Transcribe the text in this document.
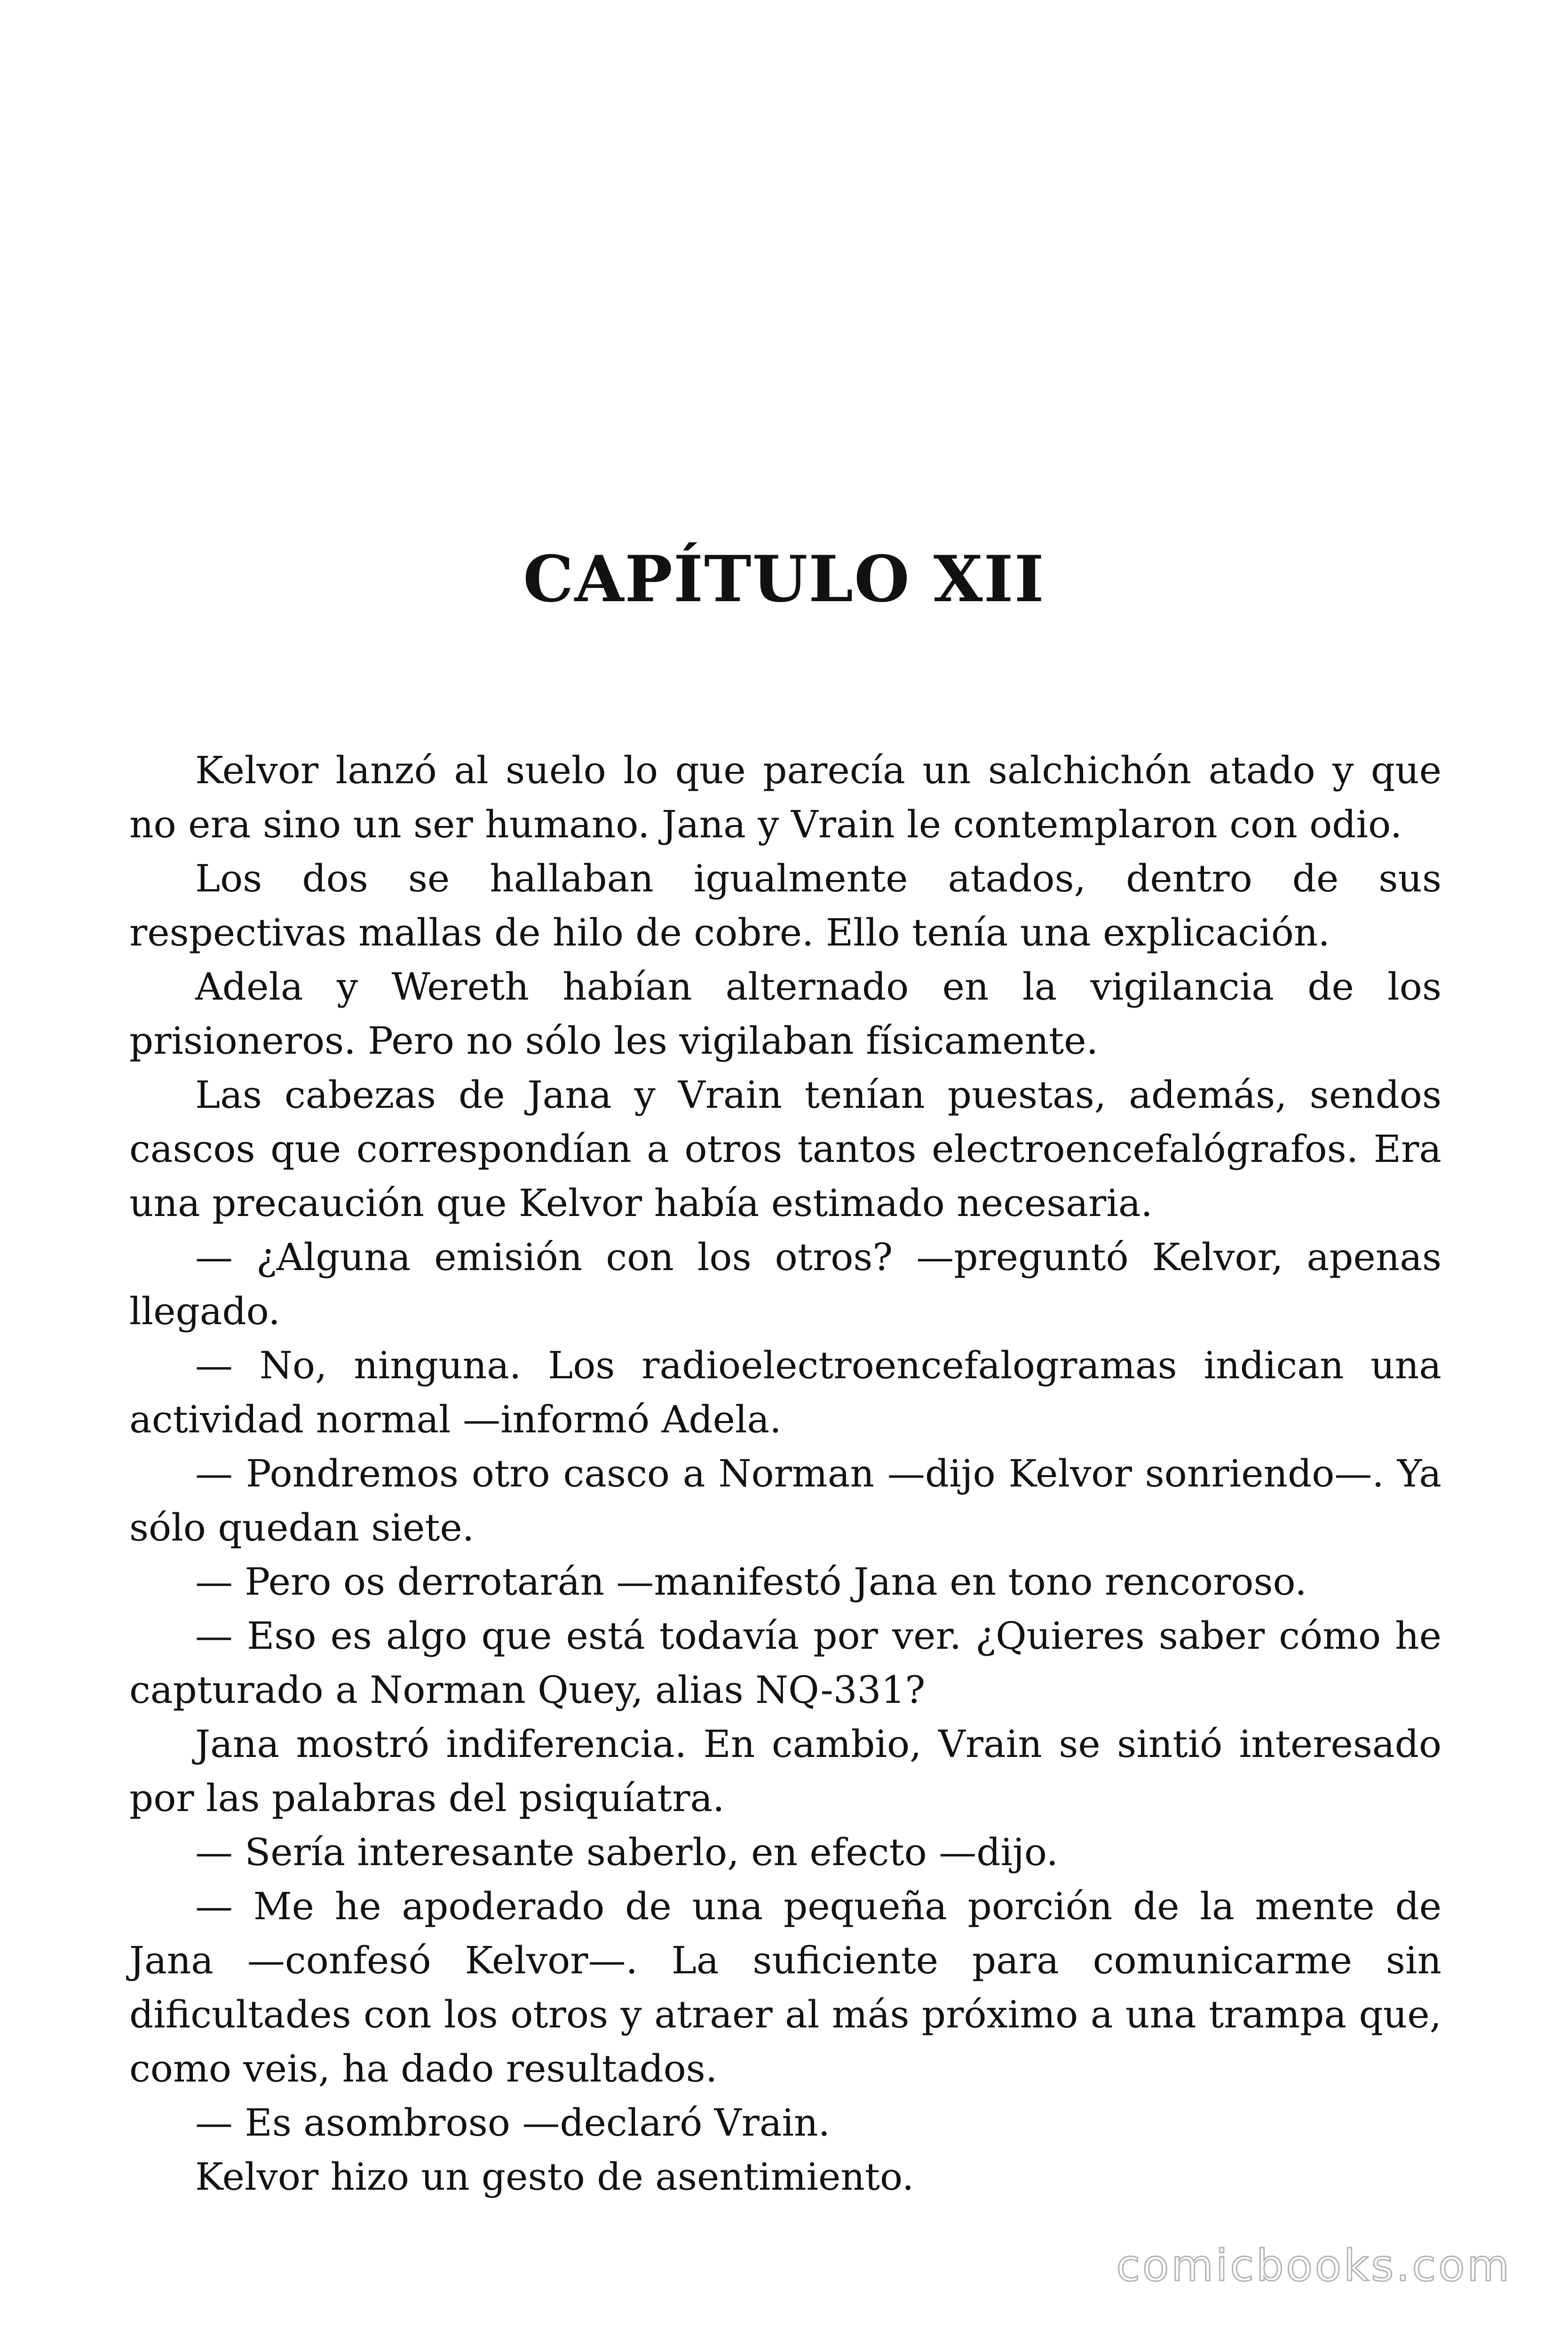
CAPÍTULO XII

Kelvor lanzó al suelo lo que parecía un salchichón atado y que no era sino un ser humano. Jana y Vrain le contemplaron con odio.

Los dos se hallaban igualmente atados, dentro de sus respectivas mallas de hilo de cobre. Ello tenía una explicación.

Adela y Wereth habían alternado en la vigilancia de los prisioneros. Pero no sólo les vigilaban físicamente.

Las cabezas de Jana y Vrain tenían puestas, además, sendos cascos que correspondían a otros tantos electroencefalógrafos. Era una precaución que Kelvor había estimado necesaria.

— ¿Alguna emisión con los otros? —preguntó Kelvor, apenas llegado.

— No, ninguna. Los radioelectroencefalogramas indican una actividad normal —informó Adela.

— Pondremos otro casco a Norman —dijo Kelvor sonriendo—. Ya sólo quedan siete.

— Pero os derrotarán —manifestó Jana en tono rencoroso.

— Eso es algo que está todavía por ver. ¿Quieres saber cómo he capturado a Norman Quey, alias NQ-331?

Jana mostró indiferencia. En cambio, Vrain se sintió interesado por las palabras del psiquíatra.

— Sería interesante saberlo, en efecto —dijo.

— Me he apoderado de una pequeña porción de la mente de Jana —confesó Kelvor—. La suficiente para comunicarme sin dificultades con los otros y atraer al más próximo a una trampa que, como veis, ha dado resultados.

— Es asombroso —declaró Vrain.

Kelvor hizo un gesto de asentimiento.

comicbooks.com
